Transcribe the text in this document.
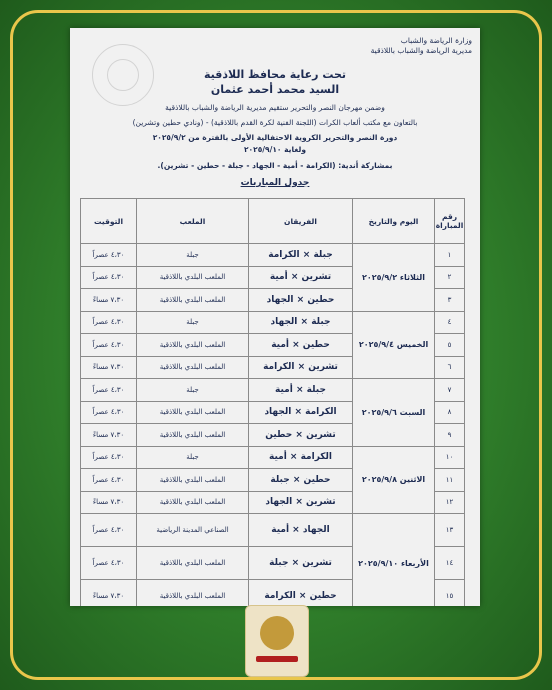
وزارة الرياضة والشباب
مديرية الرياضة والشباب باللاذقية
تحت رعاية محافظ اللاذقية
السيد محمد أحمد عثمان
وضمن مهرجان النصر والتحرير ستقيم مديرية الرياضة والشباب باللاذقية
بالتعاون مع مكتب ألعاب الكرات (اللجنة الفنية لكرة القدم باللاذقية) - (ونادي حطين وتشرين)
دورة النصر والتحرير الكروية الاحتفالية الأولى بالفترة من ٢٠٢٥/٩/٢
ولغاية ٢٠٢٥/٩/١٠
بمشاركة أندية: (الكرامة - أمية - الجهاد - جبلة - حطين - تشرين).
جدول المباريات
رقم المباراة	اليوم والتاريخ	الفريقان	الملعب	التوقيت
١	الثلاثاء ٢٠٢٥/٩/٢	جبلة × الكرامة	جبلة	٤،٣٠ عصراً
٢		تشرين × أمية	الملعب البلدي باللاذقية	٤،٣٠ عصراً
٣		حطين × الجهاد	الملعب البلدي باللاذقية	٧،٣٠ مساءً
٤	الخميس ٢٠٢٥/٩/٤	جبلة × الجهاد	جبلة	٤،٣٠ عصراً
٥		حطين × أمية	الملعب البلدي باللاذقية	٤،٣٠ عصراً
٦		تشرين × الكرامة	الملعب البلدي باللاذقية	٧،٣٠ مساءً
٧	السبت ٢٠٢٥/٩/٦	جبلة × أمية	جبلة	٤،٣٠ عصراً
٨		الكرامة × الجهاد	الملعب البلدي باللاذقية	٤،٣٠ عصراً
٩		تشرين × حطين	الملعب البلدي باللاذقية	٧،٣٠ مساءً
١٠	الاثنين ٢٠٢٥/٩/٨	الكرامة × أمية	جبلة	٤،٣٠ عصراً
١١		حطين × جبلة	الملعب البلدي باللاذقية	٤،٣٠ عصراً
١٢		تشرين × الجهاد	الملعب البلدي باللاذقية	٧،٣٠ مساءً
١٣	الأربعاء ٢٠٢٥/٩/١٠	الجهاد × أمية	الصناعي المدينة الرياضية	٤،٣٠ عصراً
١٤		تشرين × جبلة	الملعب البلدي باللاذقية	٤،٣٠ عصراً
١٥		حطين × الكرامة	الملعب البلدي باللاذقية	٧،٣٠ مساءً
